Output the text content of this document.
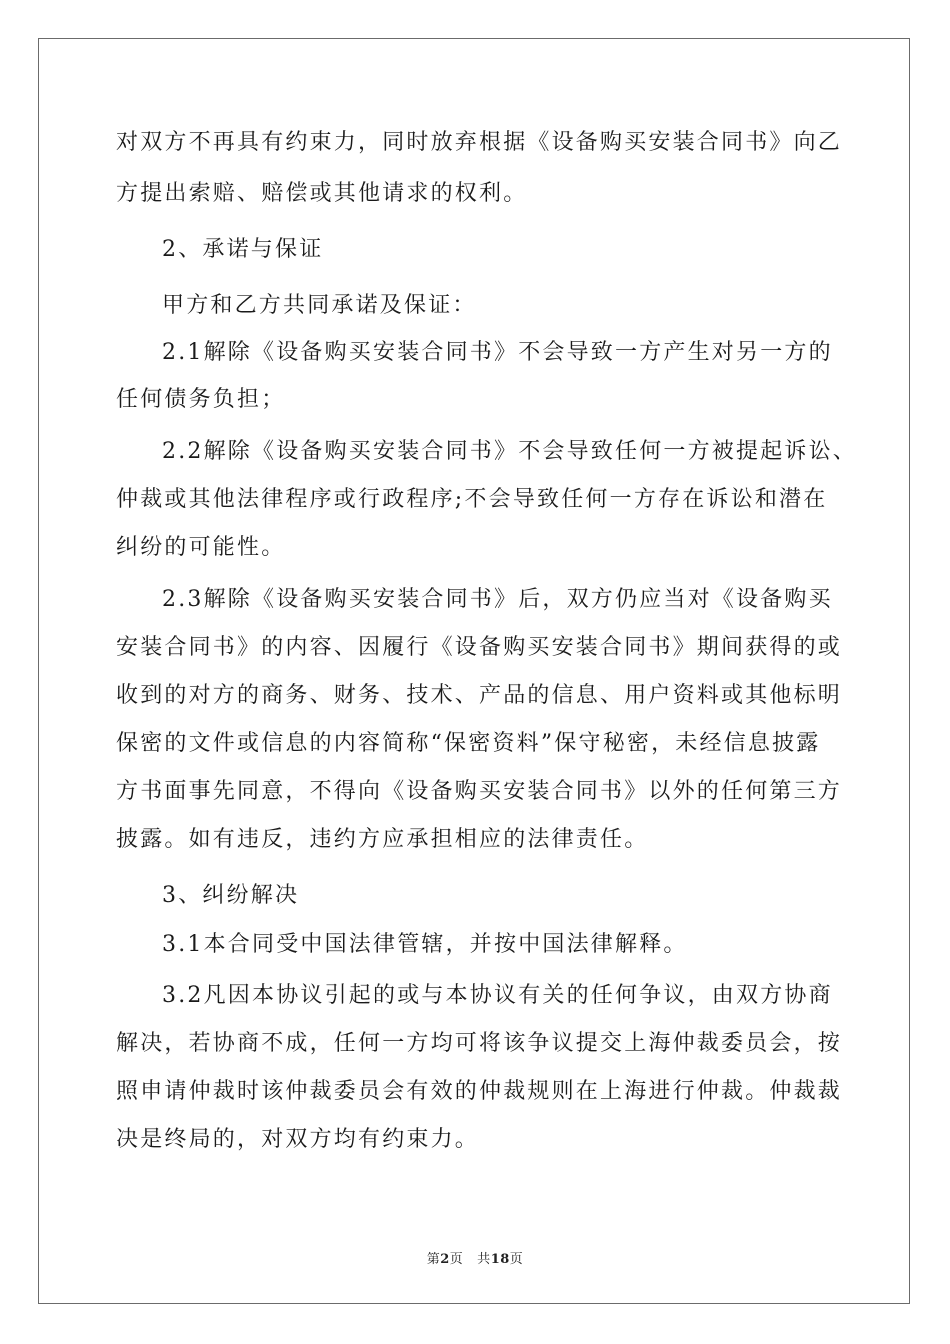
对双方不再具有约束力，同时放弃根据《设备购买安装合同书》向乙
方提出索赔、赔偿或其他请求的权利。
2、承诺与保证
甲方和乙方共同承诺及保证：
2.1解除《设备购买安装合同书》不会导致一方产生对另一方的
任何债务负担；
2.2解除《设备购买安装合同书》不会导致任何一方被提起诉讼、
仲裁或其他法律程序或行政程序;不会导致任何一方存在诉讼和潜在
纠纷的可能性。
2.3解除《设备购买安装合同书》后，双方仍应当对《设备购买
安装合同书》的内容、因履行《设备购买安装合同书》期间获得的或
收到的对方的商务、财务、技术、产品的信息、用户资料或其他标明
保密的文件或信息的内容简称“保密资料”保守秘密，未经信息披露
方书面事先同意，不得向《设备购买安装合同书》以外的任何第三方
披露。如有违反，违约方应承担相应的法律责任。
3、纠纷解决
3.1本合同受中国法律管辖，并按中国法律解释。
3.2凡因本协议引起的或与本协议有关的任何争议，由双方协商
解决，若协商不成，任何一方均可将该争议提交上海仲裁委员会，按
照申请仲裁时该仲裁委员会有效的仲裁规则在上海进行仲裁。仲裁裁
决是终局的，对双方均有约束力。
第2页 共18页
